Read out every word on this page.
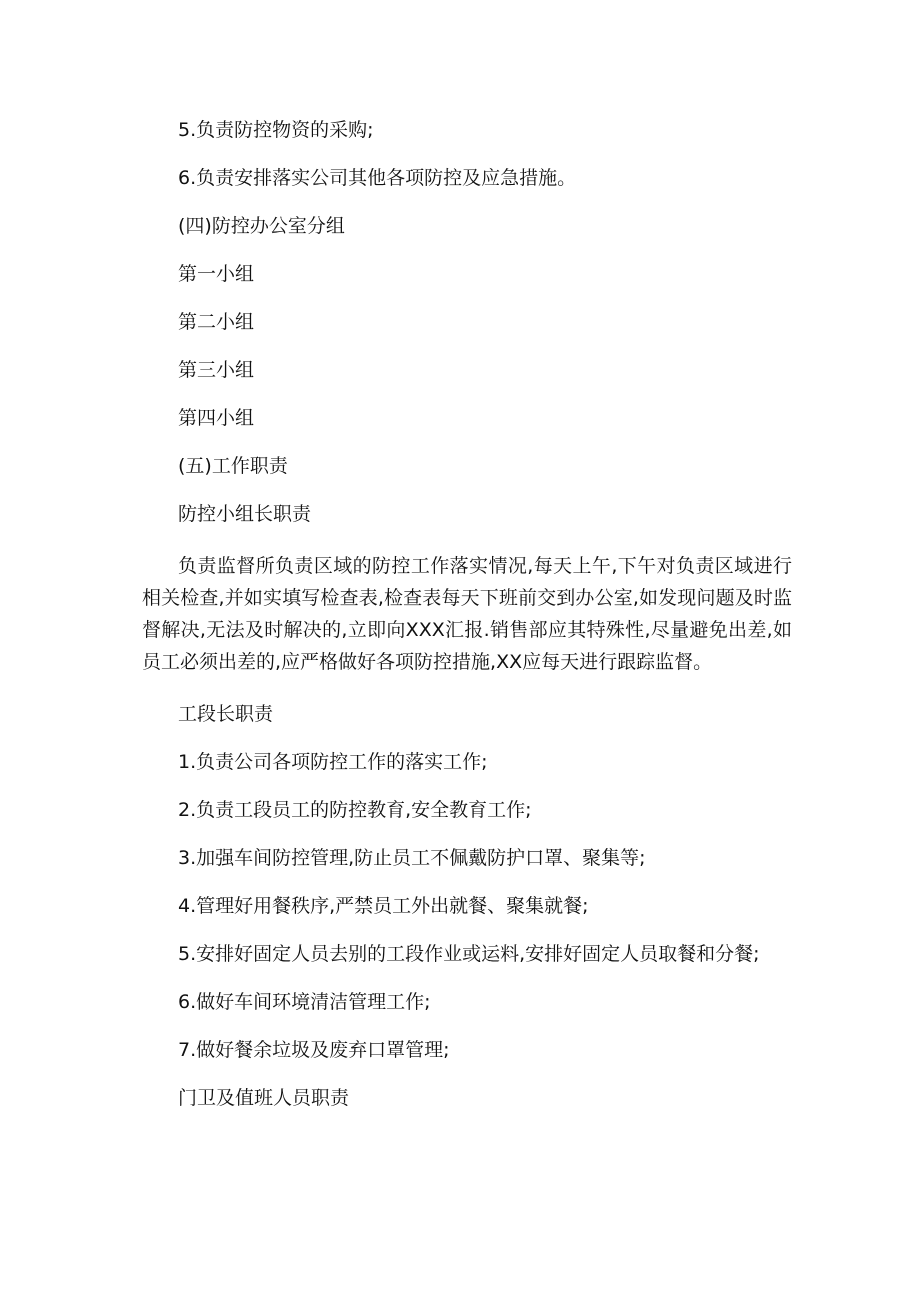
5.负责防控物资的采购;

6.负责安排落实公司其他各项防控及应急措施。

(四)防控办公室分组

第一小组

第二小组

第三小组

第四小组

(五)工作职责

防控小组长职责

负责监督所负责区域的防控工作落实情况,每天上午,下午对负责区域进行相关检查,并如实填写检查表,检查表每天下班前交到办公室,如发现问题及时监督解决,无法及时解决的,立即向XXX汇报.销售部应其特殊性,尽量避免出差,如员工必须出差的,应严格做好各项防控措施,XX应每天进行跟踪监督。

工段长职责

1.负责公司各项防控工作的落实工作;

2.负责工段员工的防控教育,安全教育工作;

3.加强车间防控管理,防止员工不佩戴防护口罩、聚集等;

4.管理好用餐秩序,严禁员工外出就餐、聚集就餐;

5.安排好固定人员去别的工段作业或运料,安排好固定人员取餐和分餐;

6.做好车间环境清洁管理工作;

7.做好餐余垃圾及废弃口罩管理;

门卫及值班人员职责
